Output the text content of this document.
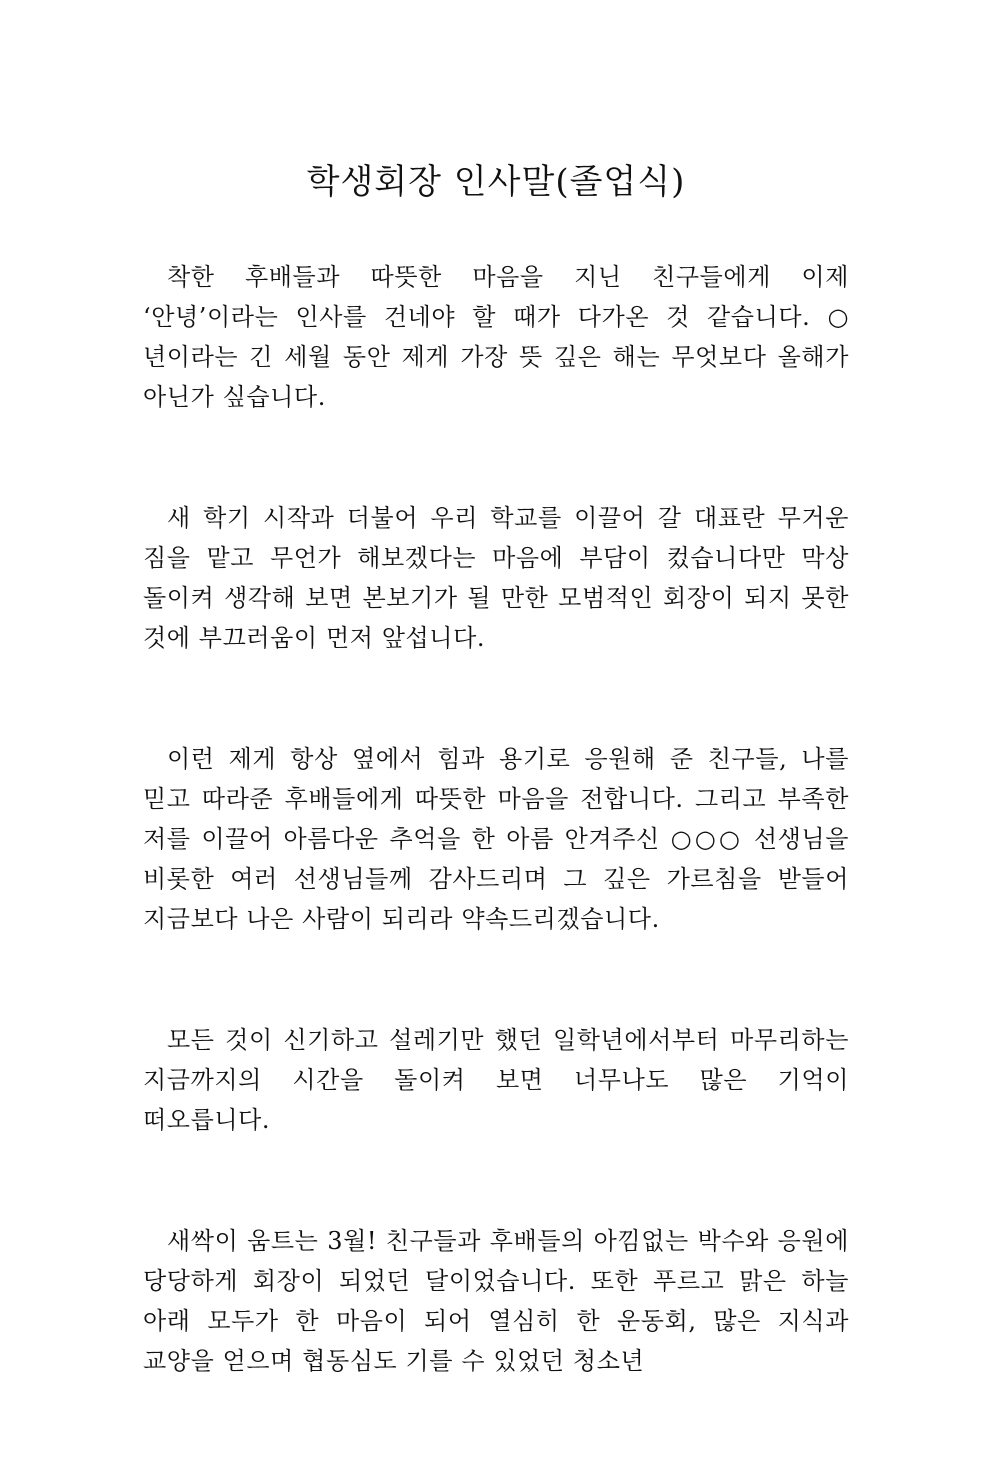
학생회장 인사말(졸업식)

착한 후배들과 따뜻한 마음을 지닌 친구들에게 이제 ‘안녕’이라는 인사를 건네야 할 때가 다가온 것 같습니다. ○년이라는 긴 세월 동안 제게 가장 뜻 깊은 해는 무엇보다 올해가 아닌가 싶습니다.

새 학기 시작과 더불어 우리 학교를 이끌어 갈 대표란 무거운 짐을 맡고 무언가 해보겠다는 마음에 부담이 컸습니다만 막상 돌이켜 생각해 보면 본보기가 될 만한 모범적인 회장이 되지 못한 것에 부끄러움이 먼저 앞섭니다.

이런 제게 항상 옆에서 힘과 용기로 응원해 준 친구들, 나를 믿고 따라준 후배들에게 따뜻한 마음을 전합니다. 그리고 부족한 저를 이끌어 아름다운 추억을 한 아름 안겨주신 ○○○ 선생님을 비롯한 여러 선생님들께 감사드리며 그 깊은 가르침을 받들어 지금보다 나은 사람이 되리라 약속드리겠습니다.

모든 것이 신기하고 설레기만 했던 일학년에서부터 마무리하는 지금까지의 시간을 돌이켜 보면 너무나도 많은 기억이 떠오릅니다.

새싹이 움트는 3월! 친구들과 후배들의 아낌없는 박수와 응원에 당당하게 회장이 되었던 달이었습니다. 또한 푸르고 맑은 하늘 아래 모두가 한 마음이 되어 열심히 한 운동회, 많은 지식과 교양을 얻으며 협동심도 기를 수 있었던 청소년
